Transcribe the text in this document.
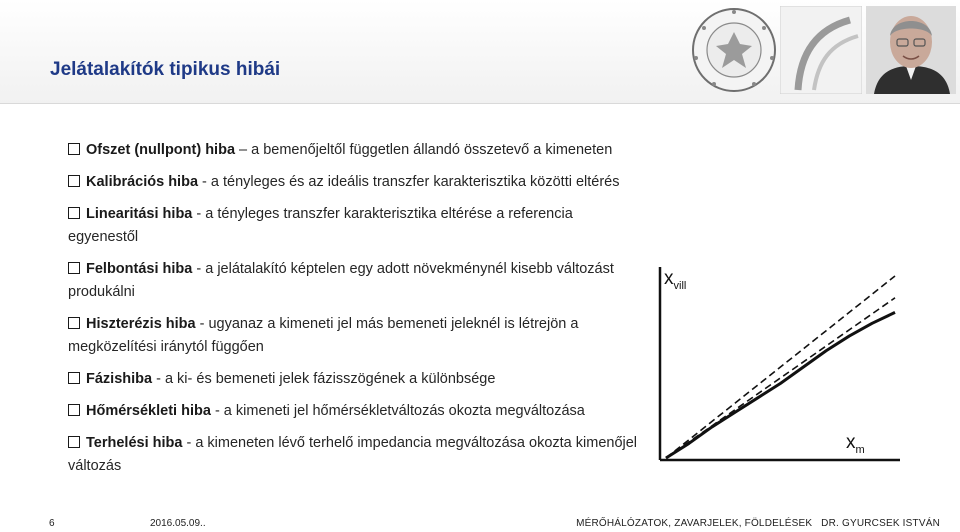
Jelátalakítók tipikus hibái
Ofszet (nullpont) hiba – a bemenőjeltől független állandó összetevő a kimeneten
Kalibrációs hiba - a tényleges és az ideális transzfer karakterisztika közötti eltérés
Linearitási hiba - a tényleges transzfer karakterisztika eltérése a referencia egyenestől
Felbontási hiba - a jelátalakító képtelen egy adott növekménynél kisebb változást produkálni
Hiszterézis hiba - ugyanaz a kimeneti jel más bemeneti jeleknél is létrejön a megközelítési iránytól függően
Fázishiba - a ki- és bemeneti jelek fázisszögének a különbsége
Hőmérsékleti hiba - a kimeneti jel hőmérsékletváltozás okozta megváltozása
Terhelési hiba - a kimeneten lévő terhelő impedancia megváltozása okozta kimenőjel változás
$x_{vill}$
$x_m$
6	2016.05.09..	MÉRŐHÁLÓZATOK, ZAVARJELEK, FÖLDELÉSEK DR. GYURCSEK ISTVÁN
